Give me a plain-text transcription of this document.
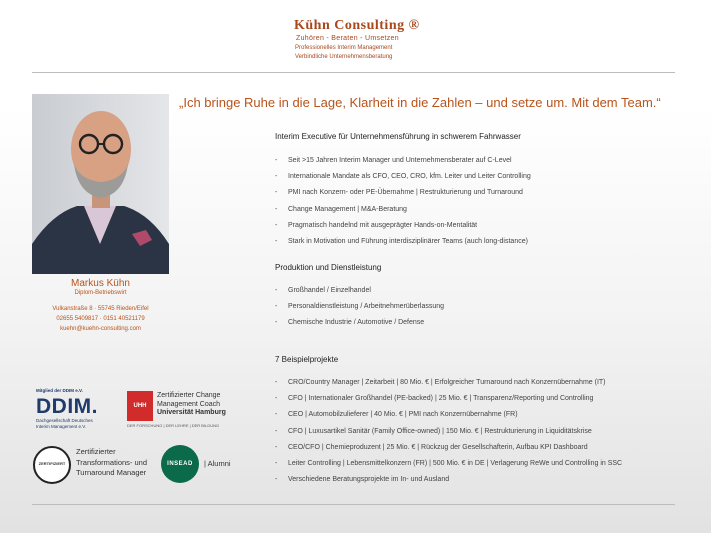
Kühn Consulting ®
Zuhören - Beraten - Umsetzen
Professionelles Interim Management
Verbindliche Unternehmensberatung
„Ich bringe Ruhe in die Lage, Klarheit in die Zahlen – und setze um. Mit dem Team.“
Markus Kühn
Diplom-Betriebswirt
Vulkanstraße 8 · 55745 Rieden/Eifel
02655 5409817 · 0151 40521179
kuehn@kuehn-consulting.com
Interim Executive für Unternehmensführung in schwerem Fahrwasser
- Seit >15 Jahren Interim Manager und Unternehmensberater auf C-Level
- Internationale Mandate als CFO, CEO, CRO, kfm. Leiter und Leiter Controlling
- PMI nach Konzern- oder PE-Übernahme | Restrukturierung und Turnaround
- Change Management | M&A-Beratung
- Pragmatisch handelnd mit ausgeprägter Hands-on-Mentalität
- Stark in Motivation und Führung interdisziplinärer Teams (auch long-distance)
Produktion und Dienstleistung
- Großhandel / Einzelhandel
- Personaldienstleistung / Arbeitnehmerüberlassung
- Chemische Industrie / Automotive / Defense
7 Beispielprojekte
- CRO/Country Manager | Zeitarbeit | 80 Mio. € | Erfolgreicher Turnaround nach Konzernübernahme (IT)
- CFO | Internationaler Großhandel (PE-backed) | 25 Mio. € | Transparenz/Reporting und Controlling
- CEO | Automobilzulieferer | 40 Mio. € | PMI nach Konzernübernahme (FR)
- CFO | Luxusartikel Sanitär (Family Office-owned) | 150 Mio. € | Restrukturierung in Liquiditätskrise
- CEO/CFO | Chemieproduzent | 25 Mio. € | Rückzug der Gesellschafterin, Aufbau KPI Dashboard
- Leiter Controlling | Lebensmittelkonzern (FR) | 500 Mio. € in DE | Verlagerung ReWe und Controlling in SSC
- Verschiedene Beratungsprojekte im In- und Ausland
Mitglied der DDIM e.V.
DDIM.
Dachgesellschaft Deutsches
Interim Management e.V.
UHH
Zertifizierter Change
Management Coach
Universität Hamburg
DER FORSCHUNG | DER LEHRE | DER BILDUNG
ZERTIFIZIERT
Zertifizierter
Transformations- und
Turnaround Manager
INSEAD	| Alumni
